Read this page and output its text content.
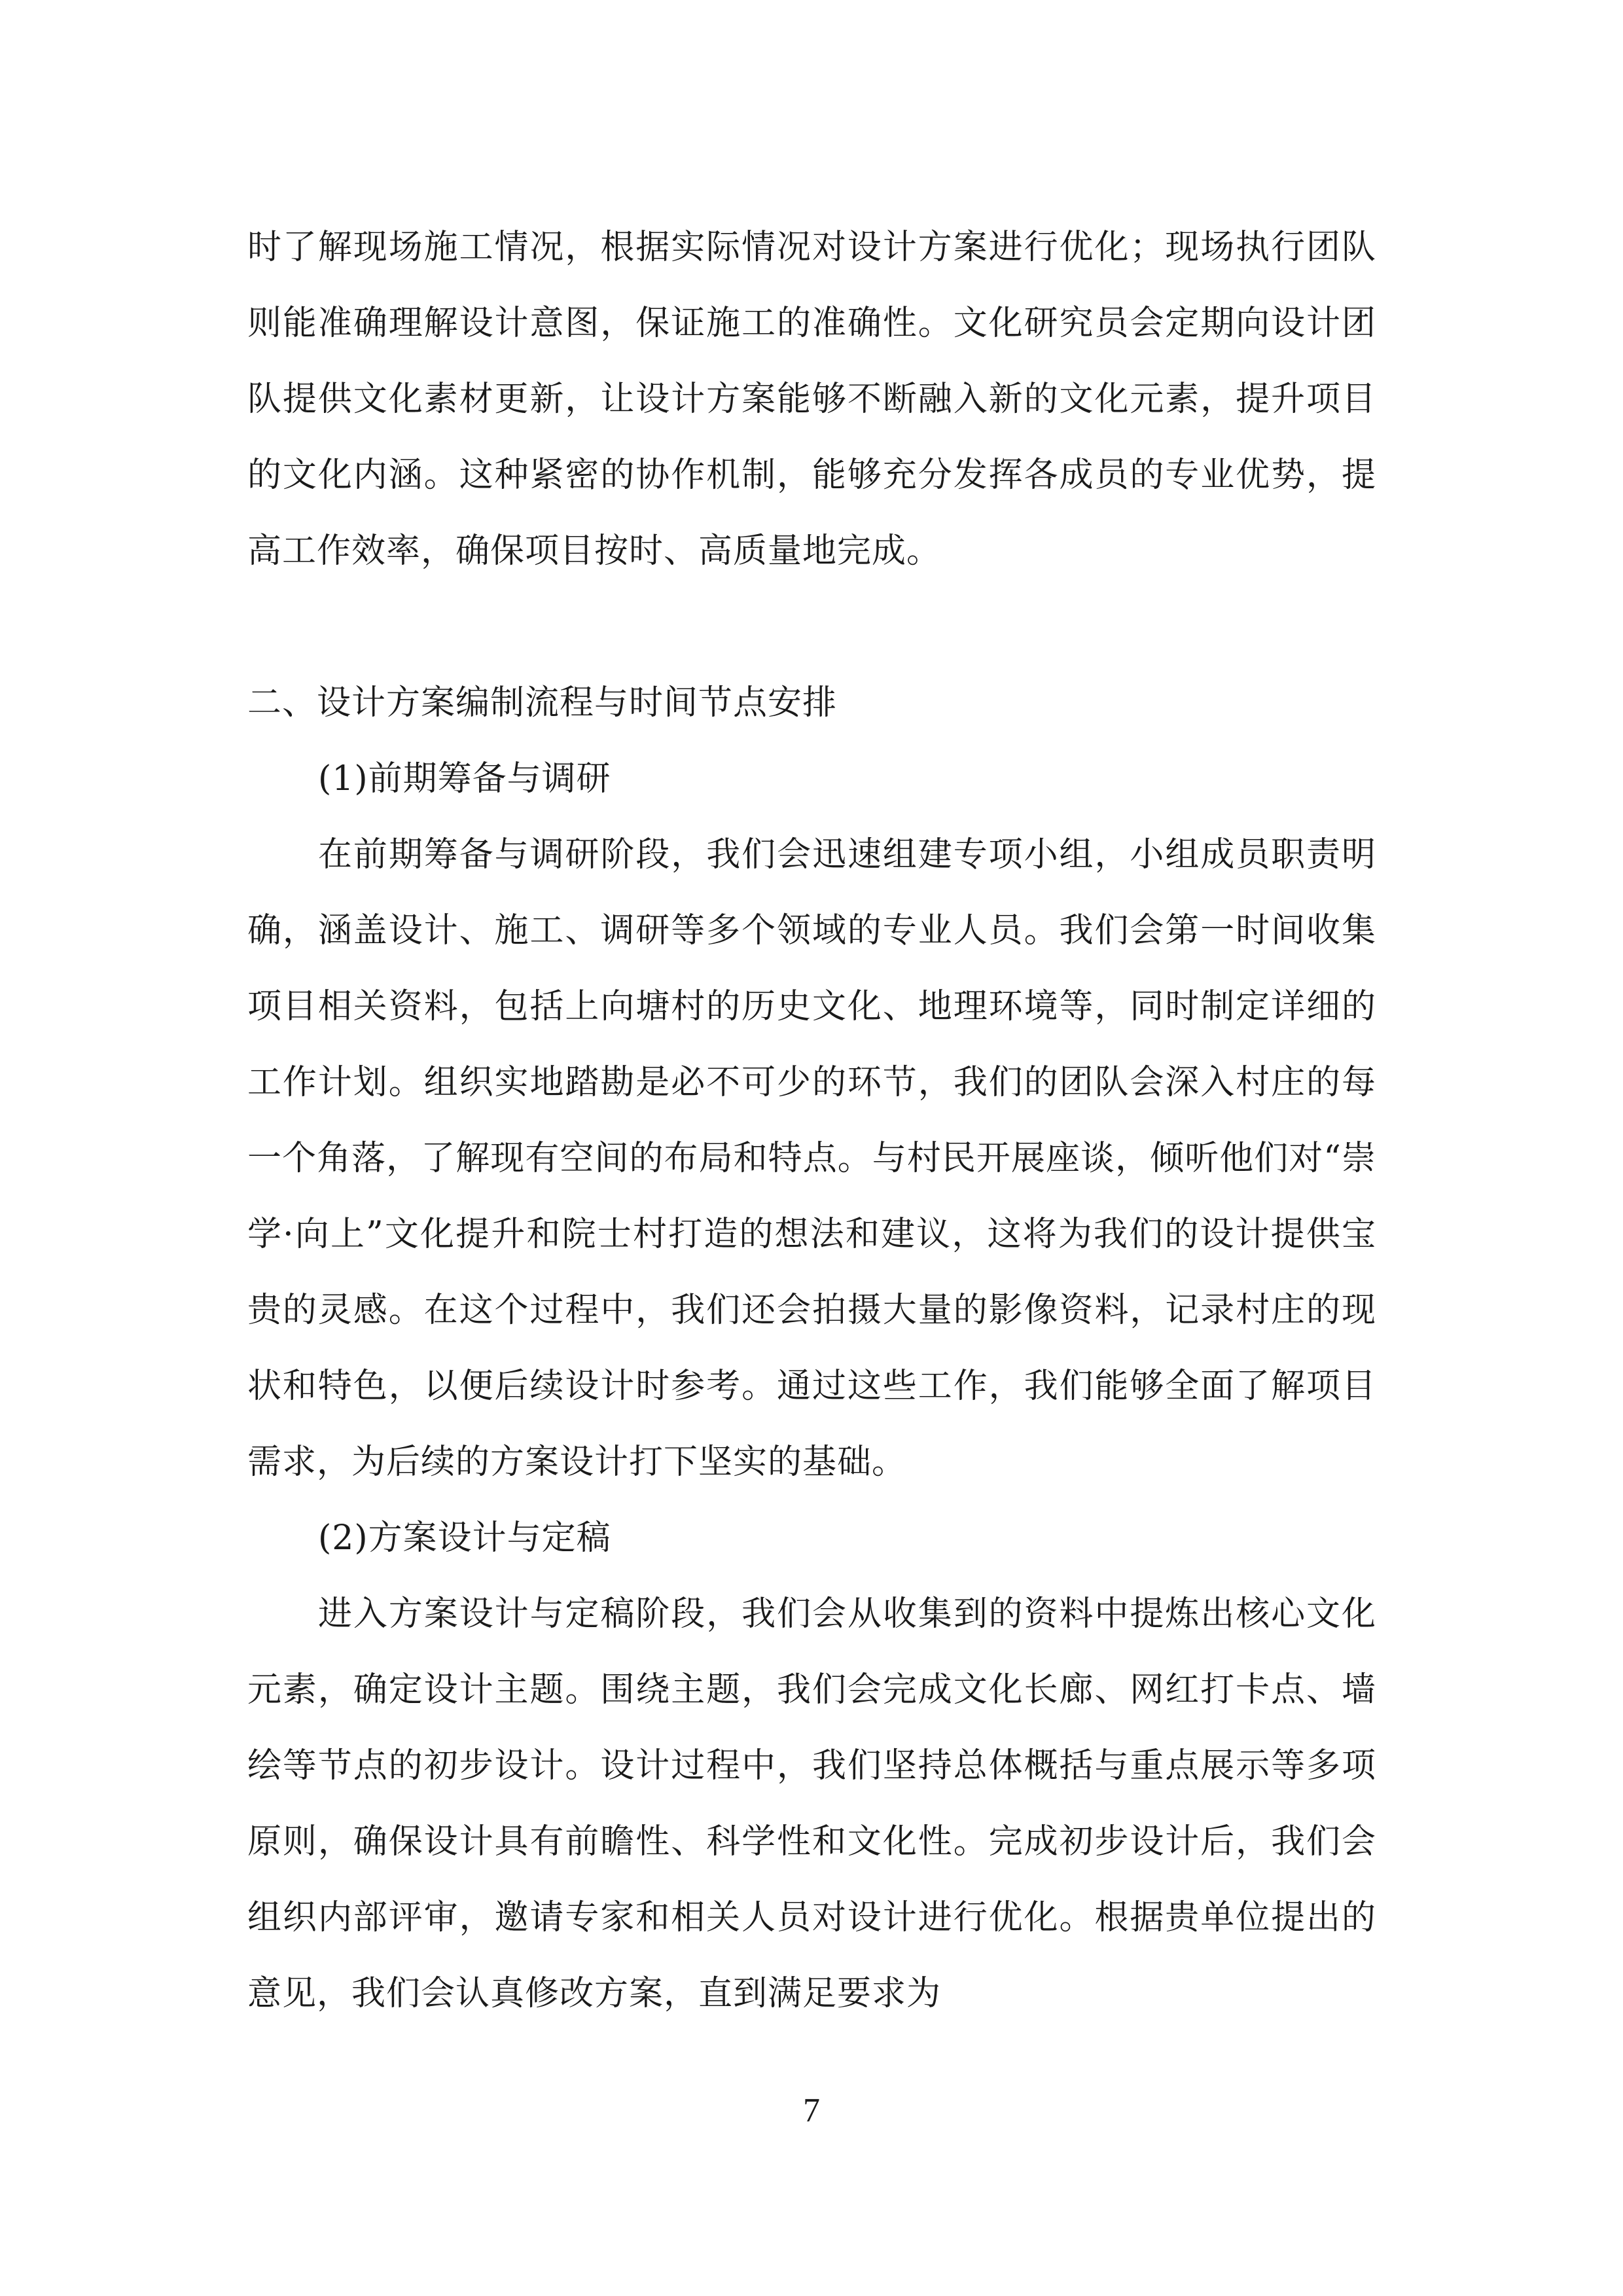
时了解现场施工情况，根据实际情况对设计方案进行优化；现场执行团队则能准确理解设计意图，保证施工的准确性。文化研究员会定期向设计团队提供文化素材更新，让设计方案能够不断融入新的文化元素，提升项目的文化内涵。这种紧密的协作机制，能够充分发挥各成员的专业优势，提高工作效率，确保项目按时、高质量地完成。

二、设计方案编制流程与时间节点安排

(1)前期筹备与调研

在前期筹备与调研阶段，我们会迅速组建专项小组，小组成员职责明确，涵盖设计、施工、调研等多个领域的专业人员。我们会第一时间收集项目相关资料，包括上向塘村的历史文化、地理环境等，同时制定详细的工作计划。组织实地踏勘是必不可少的环节，我们的团队会深入村庄的每一个角落，了解现有空间的布局和特点。与村民开展座谈，倾听他们对“崇学·向上”文化提升和院士村打造的想法和建议，这将为我们的设计提供宝贵的灵感。在这个过程中，我们还会拍摄大量的影像资料，记录村庄的现状和特色，以便后续设计时参考。通过这些工作，我们能够全面了解项目需求，为后续的方案设计打下坚实的基础。

(2)方案设计与定稿

进入方案设计与定稿阶段，我们会从收集到的资料中提炼出核心文化元素，确定设计主题。围绕主题，我们会完成文化长廊、网红打卡点、墙绘等节点的初步设计。设计过程中，我们坚持总体概括与重点展示等多项原则，确保设计具有前瞻性、科学性和文化性。完成初步设计后，我们会组织内部评审，邀请专家和相关人员对设计进行优化。根据贵单位提出的意见，我们会认真修改方案，直到满足要求为

7
